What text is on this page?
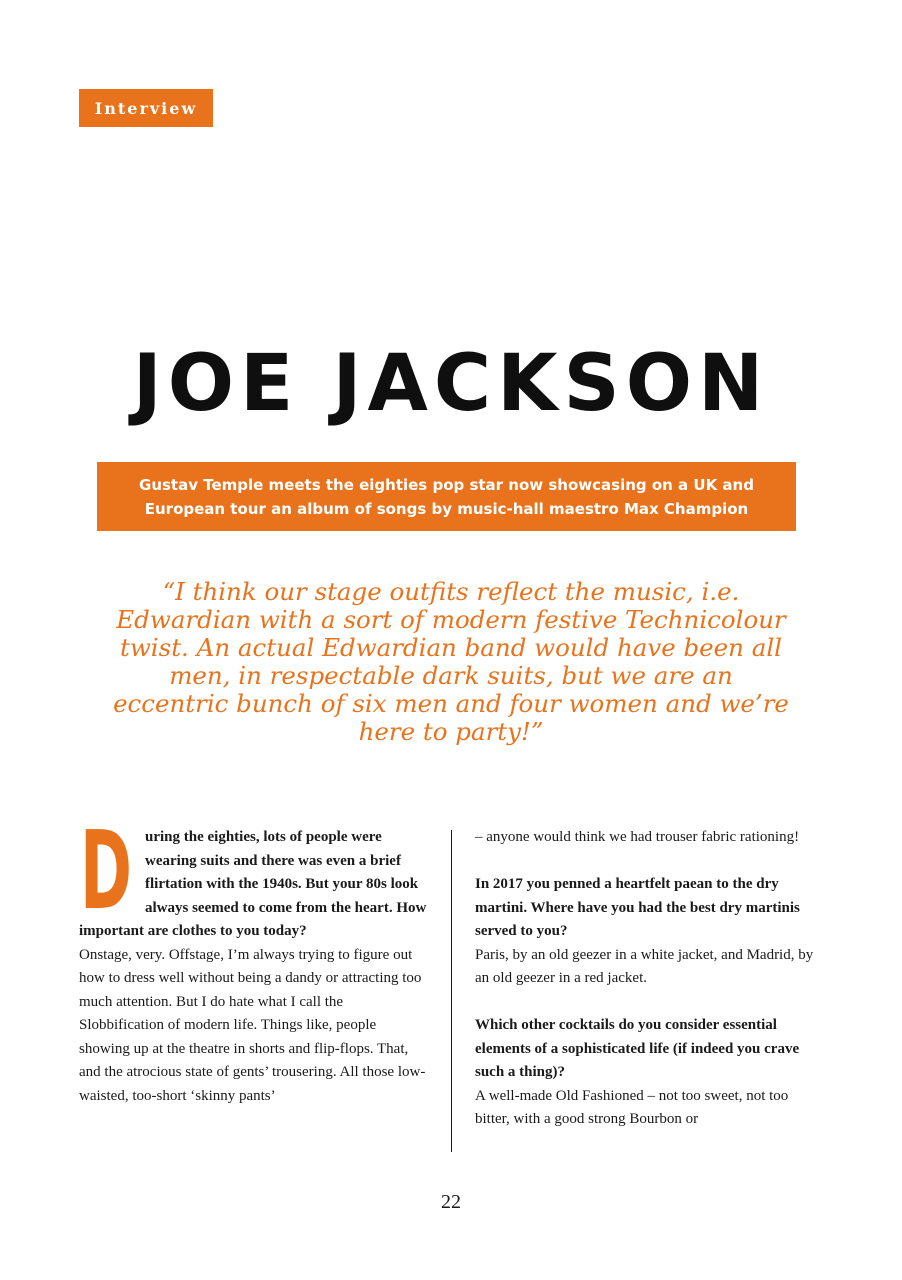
Interview
JOE JACKSON
Gustav Temple meets the eighties pop star now showcasing on a UK and European tour an album of songs by music-hall maestro Max Champion

“I think our stage outfits reflect the music, i.e. Edwardian with a sort of modern festive Technicolour twist. An actual Edwardian band would have been all men, in respectable dark suits, but we are an eccentric bunch of six men and four women and we’re here to party!”

D uring the eighties, lots of people were wearing suits and there was even a brief flirtation with the 1940s. But your 80s look always seemed to come from the heart. How important are clothes to you today?

Onstage, very. Offstage, I’m always trying to figure out how to dress well without being a dandy or attracting too much attention. But I do hate what I call the Slobbification of modern life. Things like, people showing up at the theatre in shorts and flip-flops. That, and the atrocious state of gents’ trousering. All those low-waisted, too-short ‘skinny pants’

– anyone would think we had trouser fabric rationing!

In 2017 you penned a heartfelt paean to the dry martini. Where have you had the best dry martinis served to you?

Paris, by an old geezer in a white jacket, and Madrid, by an old geezer in a red jacket.

Which other cocktails do you consider essential elements of a sophisticated life (if indeed you crave such a thing)?

A well-made Old Fashioned – not too sweet, not too bitter, with a good strong Bourbon or

22
